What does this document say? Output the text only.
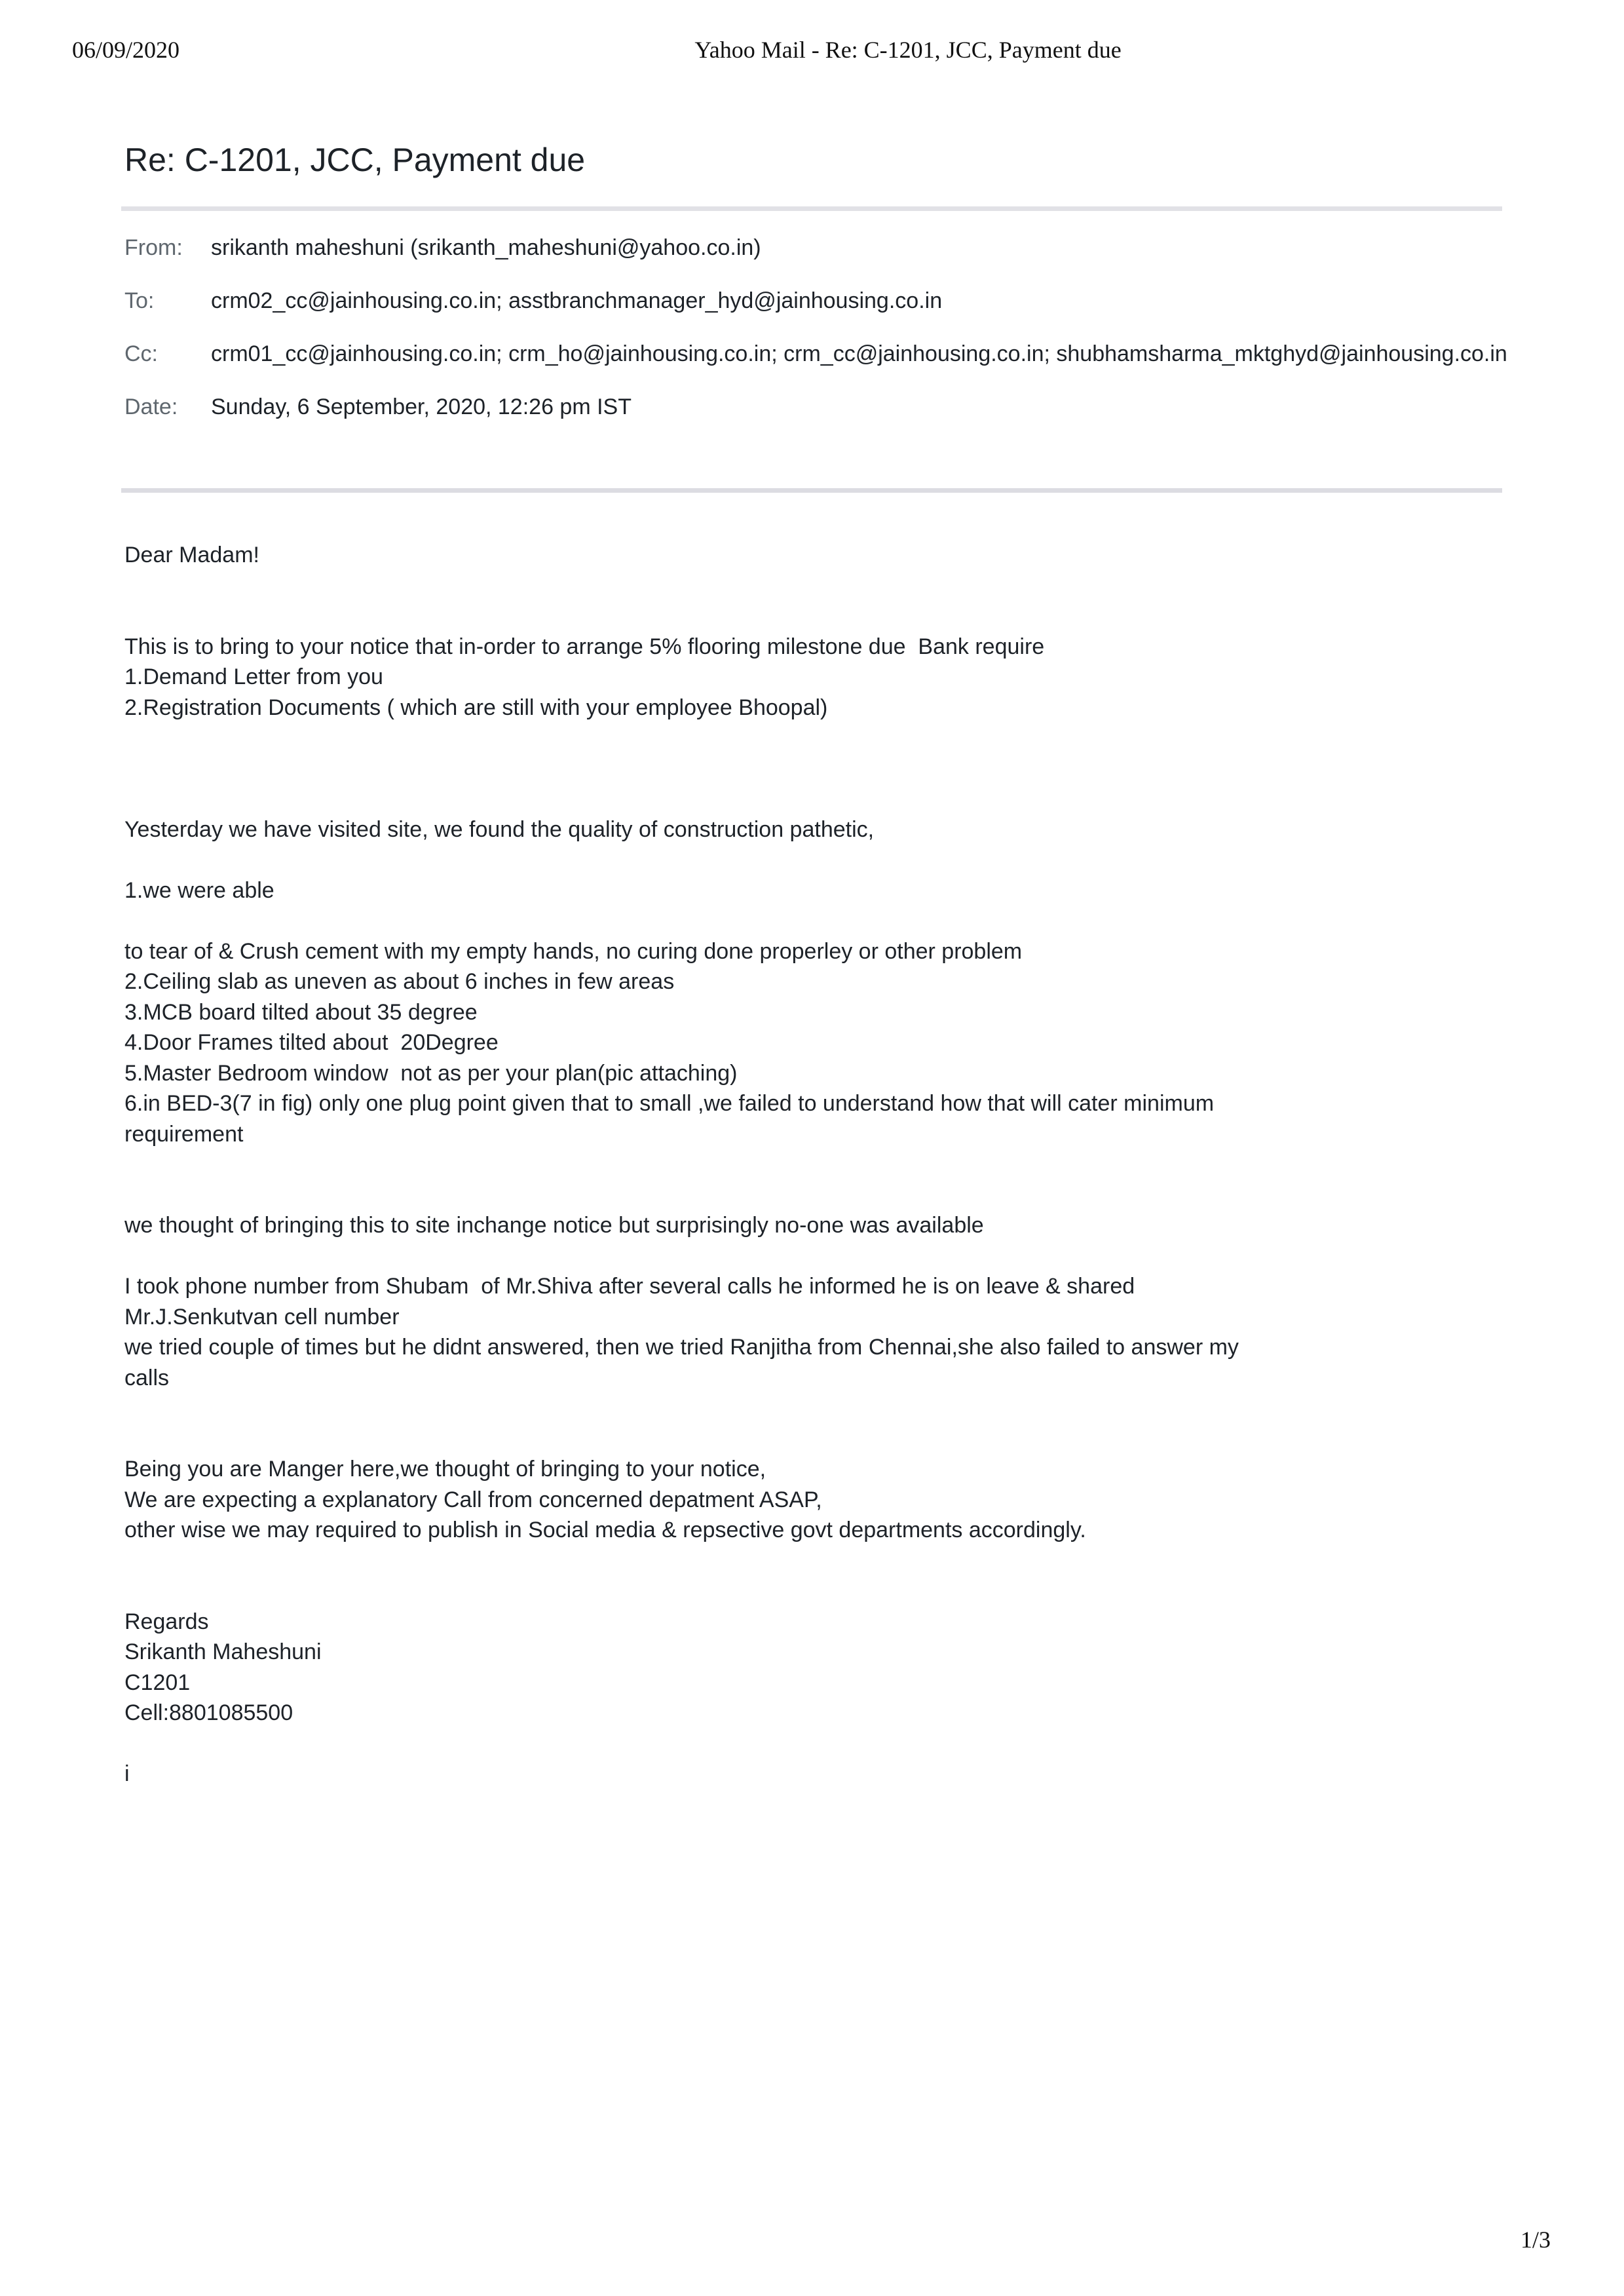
06/09/2020	Yahoo Mail - Re: C-1201, JCC, Payment due
Re: C-1201, JCC, Payment due
From:	srikanth maheshuni (srikanth_maheshuni@yahoo.co.in)
To:	crm02_cc@jainhousing.co.in; asstbranchmanager_hyd@jainhousing.co.in
Cc:	crm01_cc@jainhousing.co.in; crm_ho@jainhousing.co.in; crm_cc@jainhousing.co.in; shubhamsharma_mktghyd@jainhousing.co.in
Date:	Sunday, 6 September, 2020, 12:26 pm IST
Dear Madam!
This is to bring to your notice that in-order to arrange 5% flooring milestone due  Bank require
1.Demand Letter from you
2.Registration Documents ( which are still with your employee Bhoopal)
Yesterday we have visited site, we found the quality of construction pathetic,
1.we were able
to tear of & Crush cement with my empty hands, no curing done properley or other problem
2.Ceiling slab as uneven as about 6 inches in few areas
3.MCB board tilted about 35 degree
4.Door Frames tilted about  20Degree
5.Master Bedroom window  not as per your plan(pic attaching)
6.in BED-3(7 in fig) only one plug point given that to small ,we failed to understand how that will cater minimum
requirement
we thought of bringing this to site inchange notice but surprisingly no-one was available
I took phone number from Shubam  of Mr.Shiva after several calls he informed he is on leave & shared
Mr.J.Senkutvan cell number
we tried couple of times but he didnt answered, then we tried Ranjitha from Chennai,she also failed to answer my
calls
Being you are Manger here,we thought of bringing to your notice,
We are expecting a explanatory Call from concerned depatment ASAP,
other wise we may required to publish in Social media & repsective govt departments accordingly.
Regards
Srikanth Maheshuni
C1201
Cell:8801085500
i
1/3
